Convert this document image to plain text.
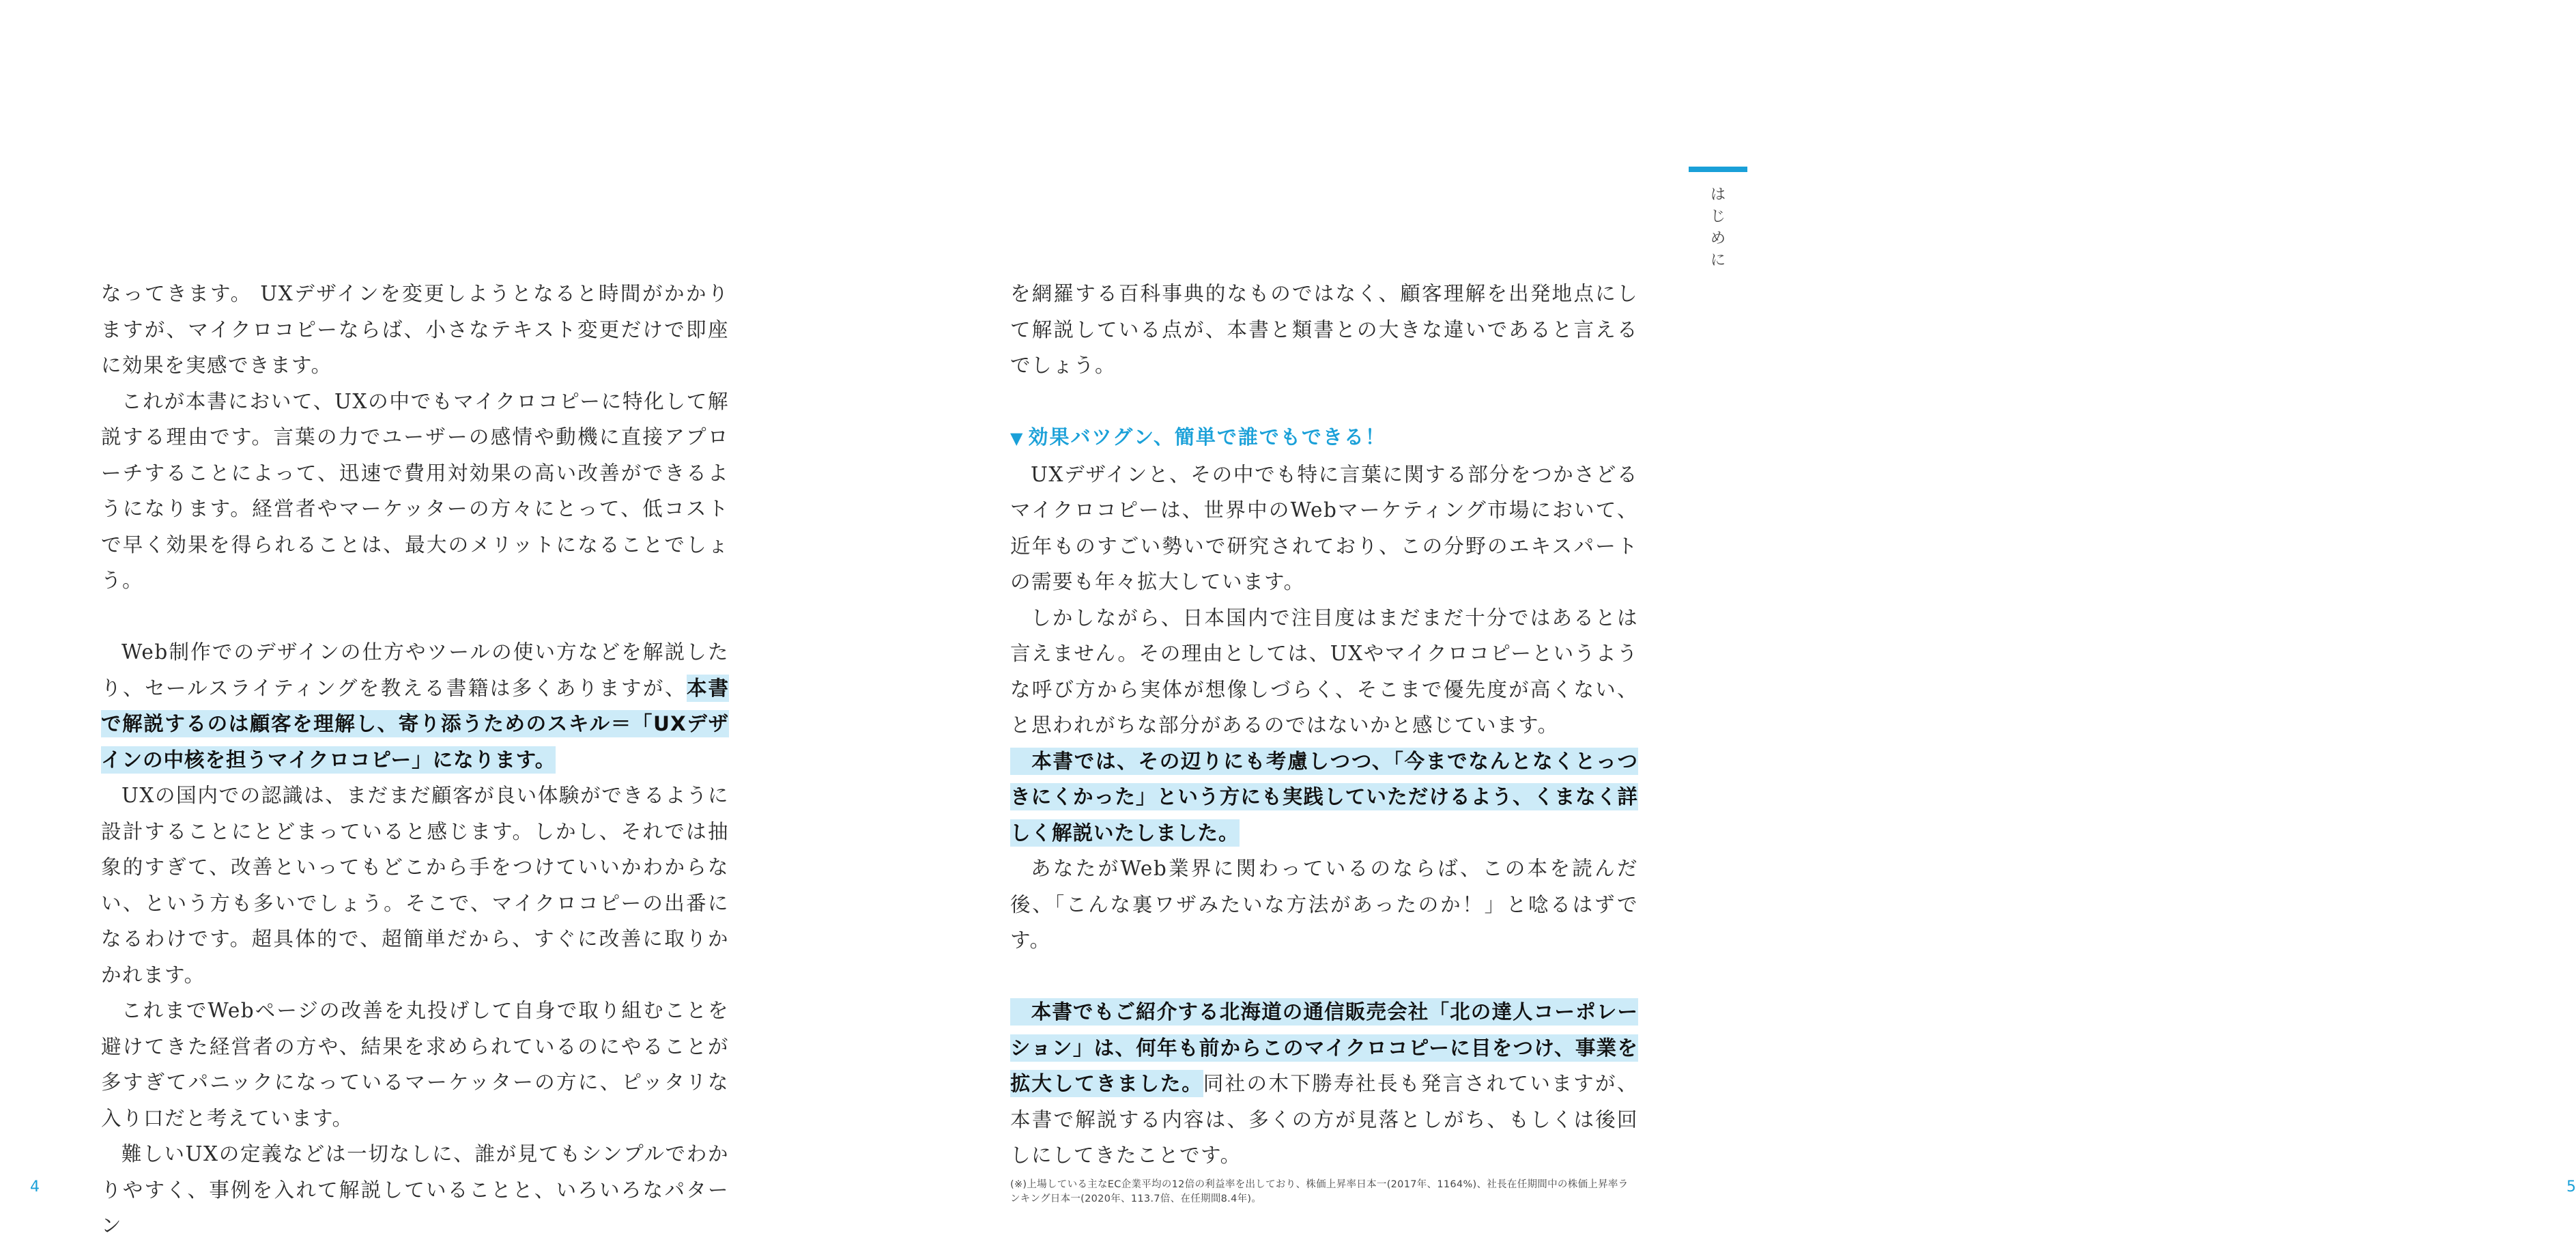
なってきます。 UXデザインを変更しようとなると時間がかかりますが、マイクロコピーならば、小さなテキスト変更だけで即座に効果を実感できます。

これが本書において、UXの中でもマイクロコピーに特化して解説する理由です。言葉の力でユーザーの感情や動機に直接アプローチすることによって、迅速で費用対効果の高い改善ができるようになります。経営者やマーケッターの方々にとって、低コストで早く効果を得られることは、最大のメリットになることでしょう。

Web制作でのデザインの仕方やツールの使い方などを解説したり、セールスライティングを教える書籍は多くありますが、本書で解説するのは顧客を理解し、寄り添うためのスキル＝「UXデザインの中核を担うマイクロコピー」になります。

UXの国内での認識は、まだまだ顧客が良い体験ができるように設計することにとどまっていると感じます。しかし、それでは抽象的すぎて、改善といってもどこから手をつけていいかわからない、という方も多いでしょう。そこで、マイクロコピーの出番になるわけです。超具体的で、超簡単だから、すぐに改善に取りかかれます。

これまでWebページの改善を丸投げして自身で取り組むことを避けてきた経営者の方や、結果を求められているのにやることが多すぎてパニックになっているマーケッターの方に、ピッタリな入り口だと考えています。

難しいUXの定義などは一切なしに、誰が見てもシンプルでわかりやすく、事例を入れて解説していることと、いろいろなパターン

4

を網羅する百科事典的なものではなく、顧客理解を出発地点にして解説している点が、本書と類書との大きな違いであると言えるでしょう。

▼ 効果バツグン、簡単で誰でもできる！

UXデザインと、その中でも特に言葉に関する部分をつかさどるマイクロコピーは、世界中のWebマーケティング市場において、近年ものすごい勢いで研究されており、この分野のエキスパートの需要も年々拡大しています。

しかしながら、日本国内で注目度はまだまだ十分ではあるとは言えません。その理由としては、UXやマイクロコピーというような呼び方から実体が想像しづらく、そこまで優先度が高くない、と思われがちな部分があるのではないかと感じています。

　本書では、その辺りにも考慮しつつ、「今までなんとなくとっつきにくかった」という方にも実践していただけるよう、くまなく詳しく解説いたしました。

あなたがWeb業界に関わっているのならば、この本を読んだ後、「こんな裏ワザみたいな方法があったのか！」と唸るはずです。

　本書でもご紹介する北海道の通信販売会社「北の達人コーポレーション」は、何年も前からこのマイクロコピーに目をつけ、事業を拡大してきました。同社の木下勝寿社長も発言されていますが、本書で解説する内容は、多くの方が見落としがち、もしくは後回しにしてきたことです。

(※)上場している主なEC企業平均の12倍の利益率を出しており、株価上昇率日本一(2017年、1164%)、社長在任期間中の株価上昇率ランキング日本一(2020年、113.7倍、在任期間8.4年)。

5
は
じ
め
に
